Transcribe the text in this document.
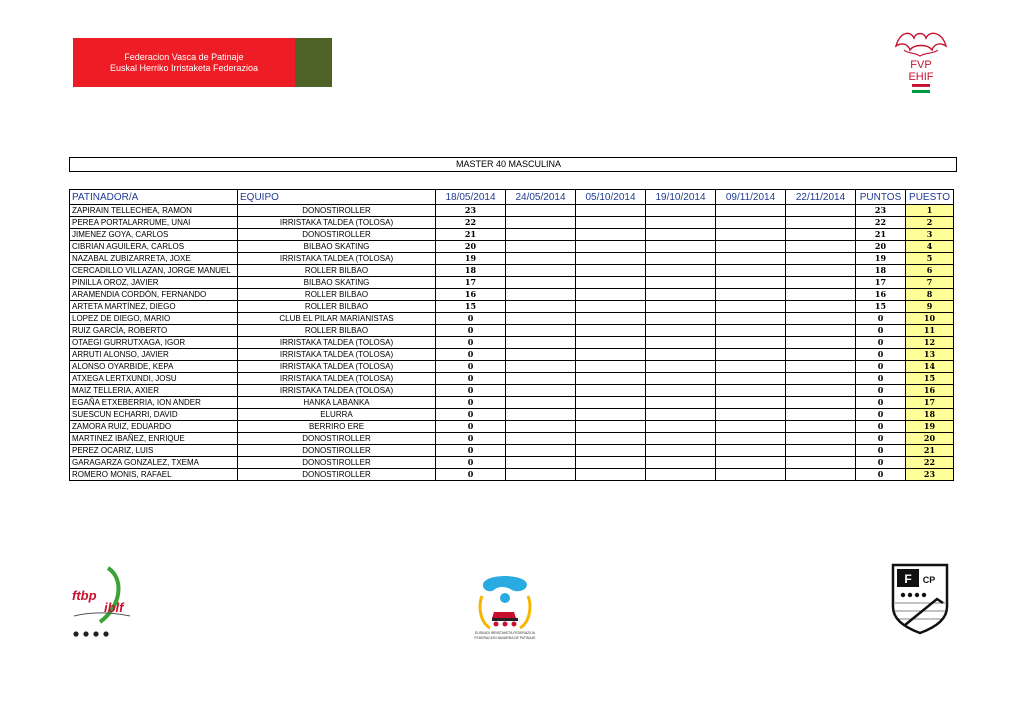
Federacion Vasca de Patinaje
Euskal Herriko Irristaketa Federazioa	FVP
EHIF
MASTER 40 MASCULINA
PATINADOR/A	EQUIPO	18/05/2014	24/05/2014	05/10/2014	19/10/2014	09/11/2014	22/11/2014	PUNTOS	PUESTO
ZAPIRAIN TELLECHEA, RAMON	DONOSTIROLLER	23						23	1
PEREA PORTALARRUME, UNAI	IRRISTAKA TALDEA (TOLOSA)	22						22	2
JIMENEZ GOYA, CARLOS	DONOSTIROLLER	21						21	3
CIBRIAN AGUILERA, CARLOS	BILBAO SKATING	20						20	4
NAZABAL ZUBIZARRETA, JOXE	IRRISTAKA TALDEA (TOLOSA)	19						19	5
CERCADILLO VILLAZAN, JORGE MANUEL	ROLLER BILBAO	18						18	6
PINILLA OROZ, JAVIER	BILBAO SKATING	17						17	7
ARAMENDIA CORDÓN, FERNANDO	ROLLER BILBAO	16						16	8
ARTETA MARTÍNEZ, DIEGO	ROLLER BILBAO	15						15	9
LOPEZ DE DIEGO, MARIO	CLUB EL PILAR MARIANISTAS	0						0	10
RUIZ GARCÍA, ROBERTO	ROLLER BILBAO	0						0	11
OTAEGI GURRUTXAGA, IGOR	IRRISTAKA TALDEA (TOLOSA)	0						0	12
ARRUTI ALONSO, JAVIER	IRRISTAKA TALDEA (TOLOSA)	0						0	13
ALONSO OYARBIDE, KEPA	IRRISTAKA TALDEA (TOLOSA)	0						0	14
ATXEGA LERTXUNDI, JOSU	IRRISTAKA TALDEA (TOLOSA)	0						0	15
MAIZ TELLERIA, AXIER	IRRISTAKA TALDEA (TOLOSA)	0						0	16
EGAÑA ETXEBERRIA, ION ANDER	HANKA LABANKA	0						0	17
SUESCUN ECHARRI, DAVID	ELURRA	0						0	18
ZAMORA RUIZ, EDUARDO	BERRIRO ERE	0						0	19
MARTINEZ IBAÑEZ, ENRIQUE	DONOSTIROLLER	0						0	20
PEREZ OCARIZ, LUIS	DONOSTIROLLER	0						0	21
GARAGARZA GONZALEZ, TXEMA	DONOSTIROLLER	0						0	22
ROMERO MONIS, RAFAEL	DONOSTIROLLER	0						0	23
ftbp
iblf
EUSKADI IRRISTAKETA FEDERAZIOA
FEDERACION NAVARRA DE PATINAJE
F CP
